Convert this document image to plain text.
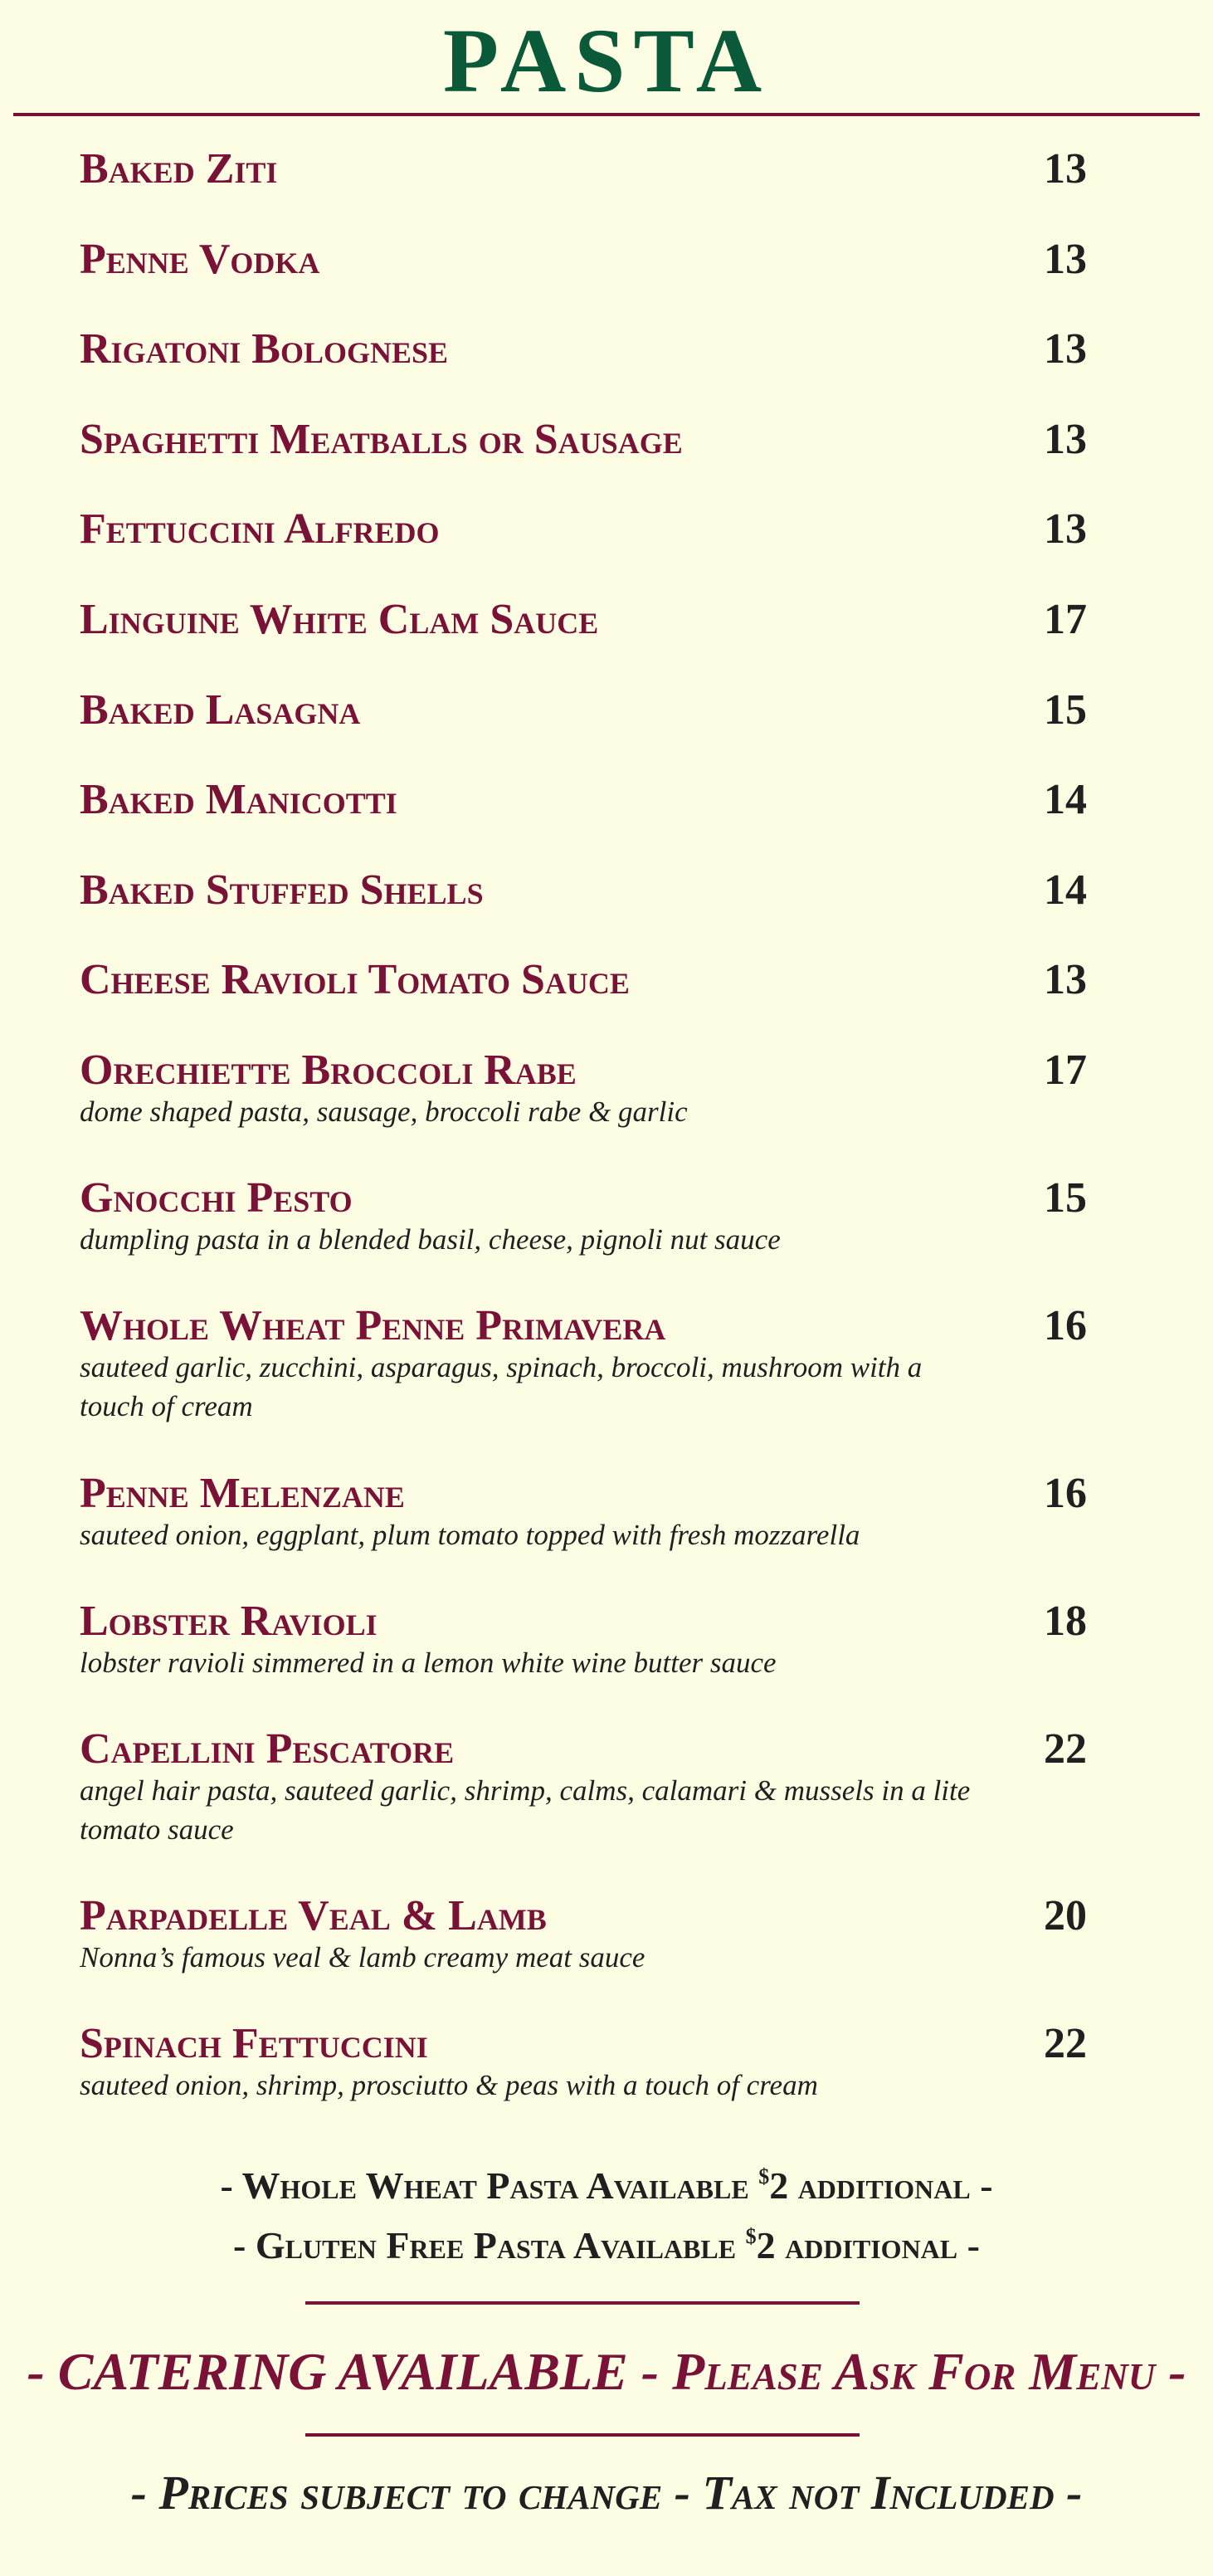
PASTA
Baked Ziti	13
Penne Vodka	13
Rigatoni Bolognese	13
Spaghetti Meatballs or Sausage	13
Fettuccini Alfredo	13
Linguine White Clam Sauce	17
Baked Lasagna	15
Baked Manicotti	14
Baked Stuffed Shells	14
Cheese Ravioli Tomato Sauce	13
Orechiette Broccoli Rabe	17
dome shaped pasta, sausage, broccoli rabe & garlic
Gnocchi Pesto	15
dumpling pasta in a blended basil, cheese, pignoli nut sauce
Whole Wheat Penne Primavera	16
sauteed garlic, zucchini, asparagus, spinach, broccoli, mushroom with a touch of cream
Penne Melenzane	16
sauteed onion, eggplant, plum tomato topped with fresh mozzarella
Lobster Ravioli	18
lobster ravioli simmered in a lemon white wine butter sauce
Capellini Pescatore	22
angel hair pasta, sauteed garlic, shrimp, calms, calamari & mussels in a lite tomato sauce
Parpadelle Veal & Lamb	20
Nonna’s famous veal & lamb creamy meat sauce
Spinach Fettuccini	22
sauteed onion, shrimp, prosciutto & peas with a touch of cream
- Whole Wheat Pasta Available $2 additional -
- Gluten Free Pasta Available $2 additional -
- CATERING AVAILABLE - Please Ask For Menu -
- Prices subject to change - Tax not Included -
